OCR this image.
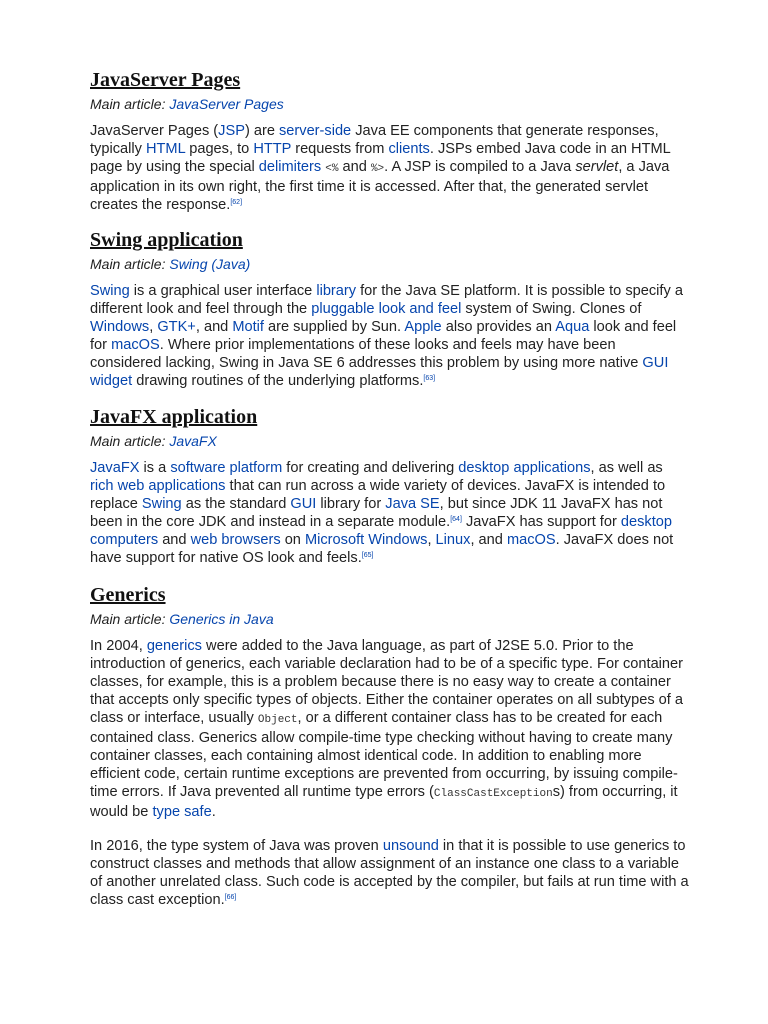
JavaServer Pages
Main article: JavaServer Pages

JavaServer Pages (JSP) are server-side Java EE components that generate responses, typically HTML pages, to HTTP requests from clients. JSPs embed Java code in an HTML page by using the special delimiters <% and %>. A JSP is compiled to a Java servlet, a Java application in its own right, the first time it is accessed. After that, the generated servlet creates the response.[62]

Swing application
Main article: Swing (Java)

Swing is a graphical user interface library for the Java SE platform. It is possible to specify a different look and feel through the pluggable look and feel system of Swing. Clones of Windows, GTK+, and Motif are supplied by Sun. Apple also provides an Aqua look and feel for macOS. Where prior implementations of these looks and feels may have been considered lacking, Swing in Java SE 6 addresses this problem by using more native GUI widget drawing routines of the underlying platforms.[63]

JavaFX application
Main article: JavaFX

JavaFX is a software platform for creating and delivering desktop applications, as well as rich web applications that can run across a wide variety of devices. JavaFX is intended to replace Swing as the standard GUI library for Java SE, but since JDK 11 JavaFX has not been in the core JDK and instead in a separate module.[64] JavaFX has support for desktop computers and web browsers on Microsoft Windows, Linux, and macOS. JavaFX does not have support for native OS look and feels.[65]

Generics
Main article: Generics in Java

In 2004, generics were added to the Java language, as part of J2SE 5.0. Prior to the introduction of generics, each variable declaration had to be of a specific type. For container classes, for example, this is a problem because there is no easy way to create a container that accepts only specific types of objects. Either the container operates on all subtypes of a class or interface, usually Object, or a different container class has to be created for each contained class. Generics allow compile-time type checking without having to create many container classes, each containing almost identical code. In addition to enabling more efficient code, certain runtime exceptions are prevented from occurring, by issuing compile-time errors. If Java prevented all runtime type errors (ClassCastExceptions) from occurring, it would be type safe.

In 2016, the type system of Java was proven unsound in that it is possible to use generics to construct classes and methods that allow assignment of an instance one class to a variable of another unrelated class. Such code is accepted by the compiler, but fails at run time with a class cast exception.[66]
